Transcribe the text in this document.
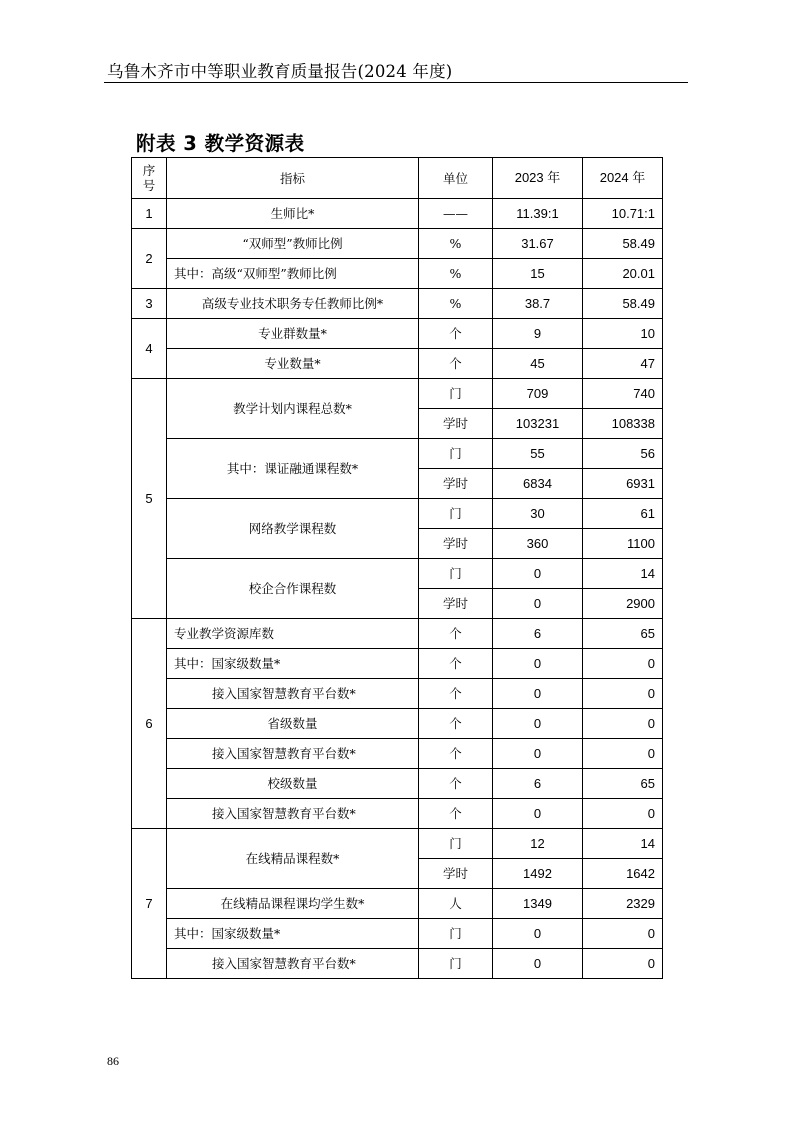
乌鲁木齐市中等职业教育质量报告(2024 年度)
附表 3 教学资源表
序
号	指标	单位	2023 年	2024 年
1	生师比*	——	11.39:1	10.71:1
2	“双师型”教师比例	%	31.67	58.49
	其中：高级“双师型”教师比例	%	15	20.01
3	高级专业技术职务专任教师比例*	%	38.7	58.49
4	专业群数量*	个	9	10
	专业数量*	个	45	47
5	教学计划内课程总数*	门	709	740
		学时	103231	108338
	其中：课证融通课程数*	门	55	56
		学时	6834	6931
	网络教学课程数	门	30	61
		学时	360	1100
	校企合作课程数	门	0	14
		学时	0	2900
6	专业教学资源库数	个	6	65
	其中：国家级数量*	个	0	0
	接入国家智慧教育平台数*	个	0	0
	省级数量	个	0	0
	接入国家智慧教育平台数*	个	0	0
	校级数量	个	6	65
	接入国家智慧教育平台数*	个	0	0
7	在线精品课程数*	门	12	14
		学时	1492	1642
	在线精品课程课均学生数*	人	1349	2329
	其中：国家级数量*	门	0	0
	接入国家智慧教育平台数*	门	0	0
86
